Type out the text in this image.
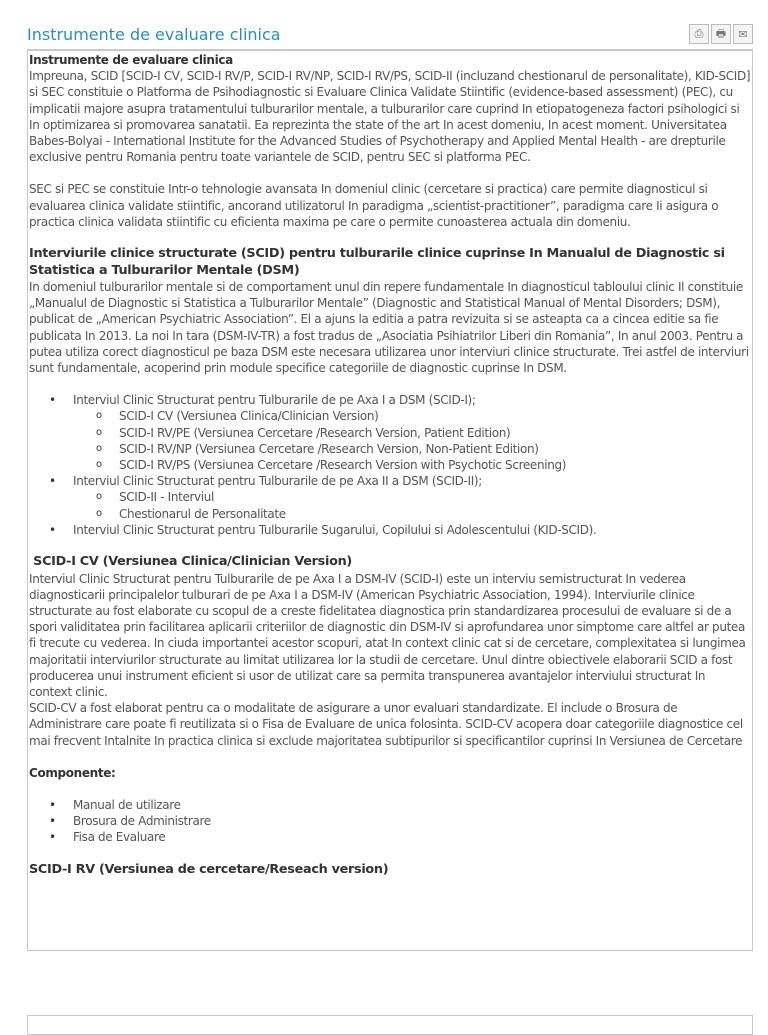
Instrumente de evaluare clinica	⎙	🖶	✉

Instrumente de evaluare clinica

Impreuna, SCID [SCID-I CV, SCID-I RV/P, SCID-I RV/NP, SCID-I RV/PS, SCID-II (incluzand chestionarul de personalitate), KID-SCID] si SEC constituie o Platforma de Psihodiagnostic si Evaluare Clinica Validate Stiintific (evidence-based assessment) (PEC), cu implicatii majore asupra tratamentului tulburarilor mentale, a tulburarilor care cuprind In etiopatogeneza factori psihologici si In optimizarea si promovarea sanatatii. Ea reprezinta the state of the art In acest domeniu, In acest moment. Universitatea Babes-Bolyai - International Institute for the Advanced Studies of Psychotherapy and Applied Mental Health - are drepturile exclusive pentru Romania pentru toate variantele de SCID, pentru SEC si platforma PEC.

SEC si PEC se constituie Intr-o tehnologie avansata In domeniul clinic (cercetare si practica) care permite diagnosticul si evaluarea clinica validate stiintific, ancorand utilizatorul In paradigma „scientist-practitioner”, paradigma care Ii asigura o practica clinica validata stiintific cu eficienta maxima pe care o permite cunoasterea actuala din domeniu.

Interviurile clinice structurate (SCID) pentru tulburarile clinice cuprinse In Manualul de Diagnostic si Statistica a Tulburarilor Mentale (DSM)

In domeniul tulburarilor mentale si de comportament unul din repere fundamentale In diagnosticul tabloului clinic Il constituie „Manualul de Diagnostic si Statistica a Tulburarilor Mentale” (Diagnostic and Statistical Manual of Mental Disorders; DSM), publicat de „American Psychiatric Association”. El a ajuns la editia a patra revizuita si se asteapta ca a cincea editie sa fie publicata In 2013. La noi In tara (DSM-IV-TR) a fost tradus de „Asociatia Psihiatrilor Liberi din Romania”, In anul 2003. Pentru a putea utiliza corect diagnosticul pe baza DSM este necesara utilizarea unor interviuri clinice structurate. Trei astfel de interviuri sunt fundamentale, acoperind prin module specifice categoriile de diagnostic cuprinse In DSM.

• Interviul Clinic Structurat pentru Tulburarile de pe Axa I a DSM (SCID-I);
o SCID-I CV (Versiunea Clinica/Clinician Version)
o SCID-I RV/PE (Versiunea Cercetare /Research Version, Patient Edition)
o SCID-I RV/NP (Versiunea Cercetare /Research Version, Non-Patient Edition)
o SCID-I RV/PS (Versiunea Cercetare /Research Version with Psychotic Screening)
• Interviul Clinic Structurat pentru Tulburarile de pe Axa II a DSM (SCID-II);
o SCID-II - Interviul
o Chestionarul de Personalitate
• Interviul Clinic Structurat pentru Tulburarile Sugarului, Copilului si Adolescentului (KID-SCID).
SCID-I CV (Versiunea Clinica/Clinician Version)

Interviul Clinic Structurat pentru Tulburarile de pe Axa I a DSM-IV (SCID-I) este un interviu semistructurat In vederea diagnosticarii principalelor tulburari de pe Axa I a DSM-IV (American Psychiatric Association, 1994). Interviurile clinice structurate au fost elaborate cu scopul de a creste fidelitatea diagnostica prin standardizarea procesului de evaluare si de a spori validitatea prin facilitarea aplicarii criteriilor de diagnostic din DSM-IV si aprofundarea unor simptome care altfel ar putea fi trecute cu vederea. In ciuda importantei acestor scopuri, atat In context clinic cat si de cercetare, complexitatea si lungimea majoritatii interviurilor structurate au limitat utilizarea lor la studii de cercetare. Unul dintre obiectivele elaborarii SCID a fost producerea unui instrument eficient si usor de utilizat care sa permita transpunerea avantajelor interviului structurat In context clinic.

SCID-CV a fost elaborat pentru ca o modalitate de asigurare a unor evaluari standardizate. El include o Brosura de Administrare care poate fi reutilizata si o Fisa de Evaluare de unica folosinta. SCID-CV acopera doar categoriile diagnostice cel mai frecvent Intalnite In practica clinica si exclude majoritatea subtipurilor si specificantilor cuprinsi In Versiunea de Cercetare

Componente:

• Manual de utilizare
• Brosura de Administrare
• Fisa de Evaluare
SCID-I RV (Versiunea de cercetare/Reseach version)
